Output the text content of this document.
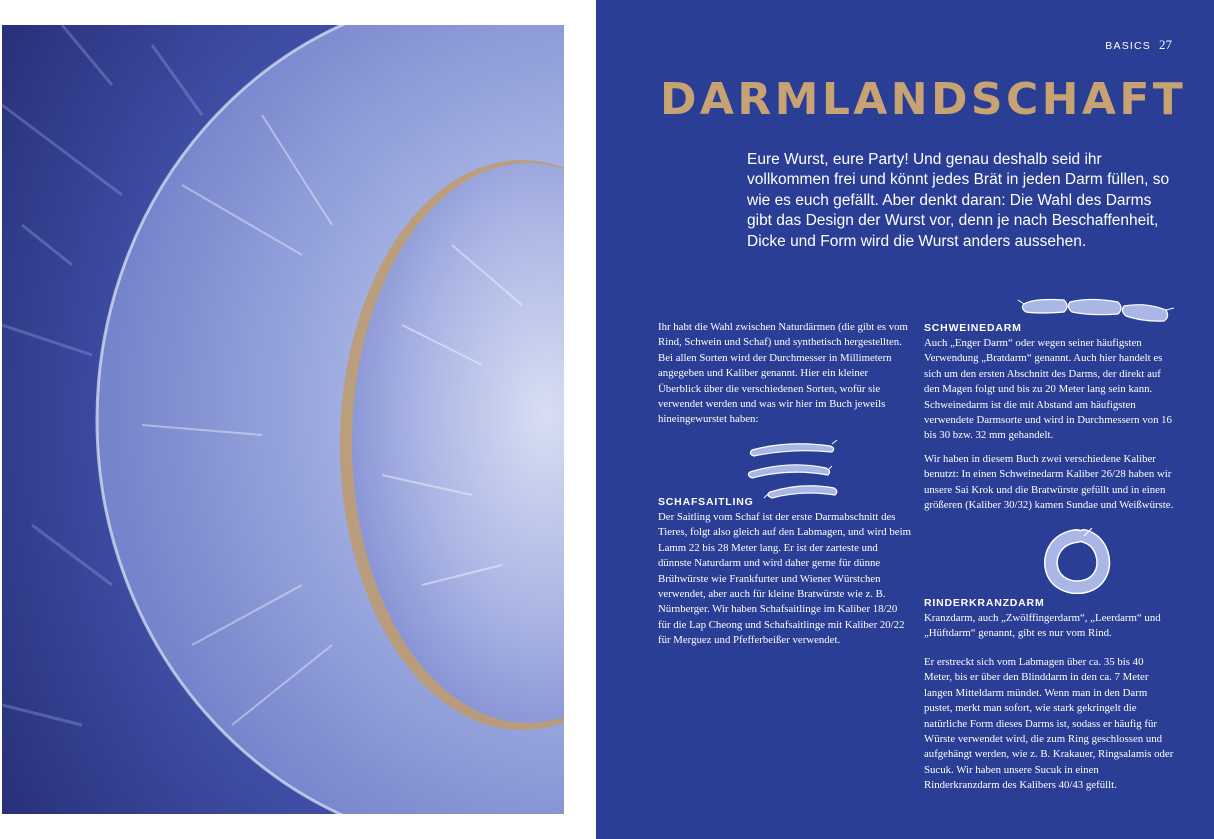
BASICS 27
DARMLANDSCHAFT

Eure Wurst, eure Party! Und genau deshalb seid ihr vollkommen frei und könnt jedes Brät in jeden Darm füllen, so wie es euch gefällt. Aber denkt daran: Die Wahl des Darms gibt das Design der Wurst vor, denn je nach Beschaffenheit, Dicke und Form wird die Wurst anders aussehen.

Ihr habt die Wahl zwischen Naturdärmen (die gibt es vom Rind, Schwein und Schaf) und synthetisch hergestellten. Bei allen Sorten wird der Durchmesser in Millimetern angegeben und Kaliber genannt. Hier ein kleiner Überblick über die verschiedenen Sorten, wofür sie verwendet werden und was wir hier im Buch jeweils hineingewurstet haben:

SCHAFSAITLING

Der Saitling vom Schaf ist der erste Darmabschnitt des Tieres, folgt also gleich auf den Labmagen, und wird beim Lamm 22 bis 28 Meter lang. Er ist der zarteste und dünnste Naturdarm und wird daher gerne für dünne Brühwürste wie Frankfurter und Wiener Würstchen verwendet, aber auch für kleine Bratwürste wie z. B. Nürnberger. Wir haben Schafsaitlinge im Kaliber 18/20 für die Lap Cheong und Schafsaitlinge mit Kaliber 20/22 für Merguez und Pfefferbeißer verwendet.

SCHWEINEDARM

Auch „Enger Darm“ oder wegen seiner häufigsten Verwendung „Bratdarm“ genannt. Auch hier handelt es sich um den ersten Abschnitt des Darms, der direkt auf den Magen folgt und bis zu 20 Meter lang sein kann. Schweinedarm ist die mit Abstand am häufigsten verwendete Darmsorte und wird in Durchmessern von 16 bis 30 bzw. 32 mm gehandelt.

Wir haben in diesem Buch zwei verschiedene Kaliber benutzt: In einen Schweinedarm Kaliber 26/28 haben wir unsere Sai Krok und die Bratwürste gefüllt und in einen größeren (Kaliber 30/32) kamen Sundae und Weißwürste.

RINDERKRANZDARM

Kranzdarm, auch „Zwölffingerdarm“, „Leerdarm“ und „Hüftdarm“ genannt, gibt es nur vom Rind.

Er erstreckt sich vom Labmagen über ca. 35 bis 40 Meter, bis er über den Blinddarm in den ca. 7 Meter langen Mitteldarm mündet. Wenn man in den Darm pustet, merkt man sofort, wie stark gekringelt die natürliche Form dieses Darms ist, sodass er häufig für Würste verwendet wird, die zum Ring geschlossen und aufgehängt werden, wie z. B. Krakauer, Ringsalamis oder Sucuk. Wir haben unsere Sucuk in einen Rinderkranzdarm des Kalibers 40/43 gefüllt.
